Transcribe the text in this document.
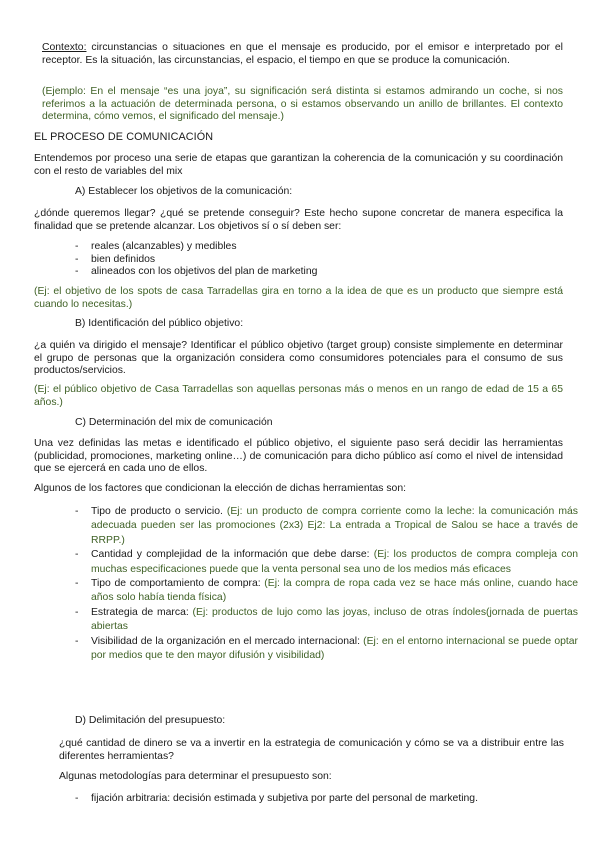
Contexto: circunstancias o situaciones en que el mensaje es producido, por el emisor e interpretado por el receptor. Es la situación, las circunstancias, el espacio, el tiempo en que se produce la comunicación.

(Ejemplo: En el mensaje “es una joya”, su significación será distinta si estamos admirando un coche, si nos referimos a la actuación de determinada persona, o si estamos observando un anillo de brillantes. El contexto determina, cómo vemos, el significado del mensaje.)

EL PROCESO DE COMUNICACIÓN

Entendemos por proceso una serie de etapas que garantizan la coherencia de la comunicación y su coordinación con el resto de variables del mix

A) Establecer los objetivos de la comunicación:

¿dónde queremos llegar? ¿qué se pretende conseguir? Este hecho supone concretar de manera especifica la finalidad que se pretende alcanzar. Los objetivos sí o sí deben ser:

- reales (alcanzables) y medibles
- bien definidos
- alineados con los objetivos del plan de marketing

(Ej: el objetivo de los spots de casa Tarradellas gira en torno a la idea de que es un producto que siempre está cuando lo necesitas.)

B) Identificación del público objetivo:

¿a quién va dirigido el mensaje? Identificar el público objetivo (target group) consiste simplemente en determinar el grupo de personas que la organización considera como consumidores potenciales para el consumo de sus productos/servicios.

(Ej: el público objetivo de Casa Tarradellas son aquellas personas más o menos en un rango de edad de 15 a 65 años.)

C) Determinación del mix de comunicación

Una vez definidas las metas e identificado el público objetivo, el siguiente paso será decidir las herramientas (publicidad, promociones, marketing online…) de comunicación para dicho público así como el nivel de intensidad que se ejercerá en cada uno de ellos.

Algunos de los factores que condicionan la elección de dichas herramientas son:

- Tipo de producto o servicio. (Ej: un producto de compra corriente como la leche: la comunicación más adecuada pueden ser las promociones (2x3) Ej2: La entrada a Tropical de Salou se hace a través de RRPP.)
- Cantidad y complejidad de la información que debe darse: (Ej: los productos de compra compleja con muchas especificaciones puede que la venta personal sea uno de los medios más eficaces
- Tipo de comportamiento de compra: (Ej: la compra de ropa cada vez se hace más online, cuando hace años solo había tienda física)
- Estrategia de marca: (Ej: productos de lujo como las joyas, incluso de otras índoles(jornada de puertas abiertas
- Visibilidad de la organización en el mercado internacional: (Ej: en el entorno internacional se puede optar por medios que te den mayor difusión y visibilidad)

D) Delimitación del presupuesto:

¿qué cantidad de dinero se va a invertir en la estrategia de comunicación y cómo se va a distribuir entre las diferentes herramientas?

Algunas metodologías para determinar el presupuesto son:

- fijación arbitraria: decisión estimada y subjetiva por parte del personal de marketing.
